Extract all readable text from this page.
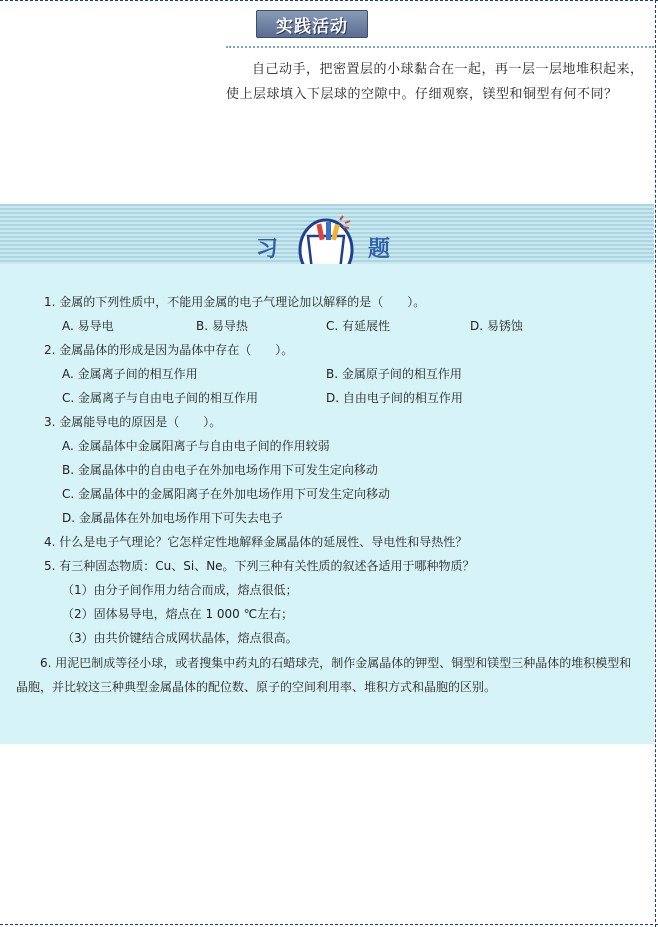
实践活动

自己动手，把密置层的小球黏合在一起，再一层一层地堆积起来，使上层球填入下层球的空隙中。仔细观察，镁型和铜型有何不同？

习	题
1. 金属的下列性质中，不能用金属的电子气理论加以解释的是（　　）。
A. 易导电	B. 易导热	C. 有延展性	D. 易锈蚀
2. 金属晶体的形成是因为晶体中存在（　　）。
A. 金属离子间的相互作用	B. 金属原子间的相互作用
C. 金属离子与自由电子间的相互作用	D. 自由电子间的相互作用
3. 金属能导电的原因是（　　）。
A. 金属晶体中金属阳离子与自由电子间的作用较弱
B. 金属晶体中的自由电子在外加电场作用下可发生定向移动
C. 金属晶体中的金属阳离子在外加电场作用下可发生定向移动
D. 金属晶体在外加电场作用下可失去电子
4. 什么是电子气理论？它怎样定性地解释金属晶体的延展性、导电性和导热性？
5. 有三种固态物质：Cu、Si、Ne。下列三种有关性质的叙述各适用于哪种物质？
（1）由分子间作用力结合而成，熔点很低；
（2）固体易导电，熔点在 1 000 ℃左右；
（3）由共价键结合成网状晶体，熔点很高。

6. 用泥巴制成等径小球，或者搜集中药丸的石蜡球壳，制作金属晶体的钾型、铜型和镁型三种晶体的堆积模型和晶胞，并比较这三种典型金属晶体的配位数、原子的空间利用率、堆积方式和晶胞的区别。
